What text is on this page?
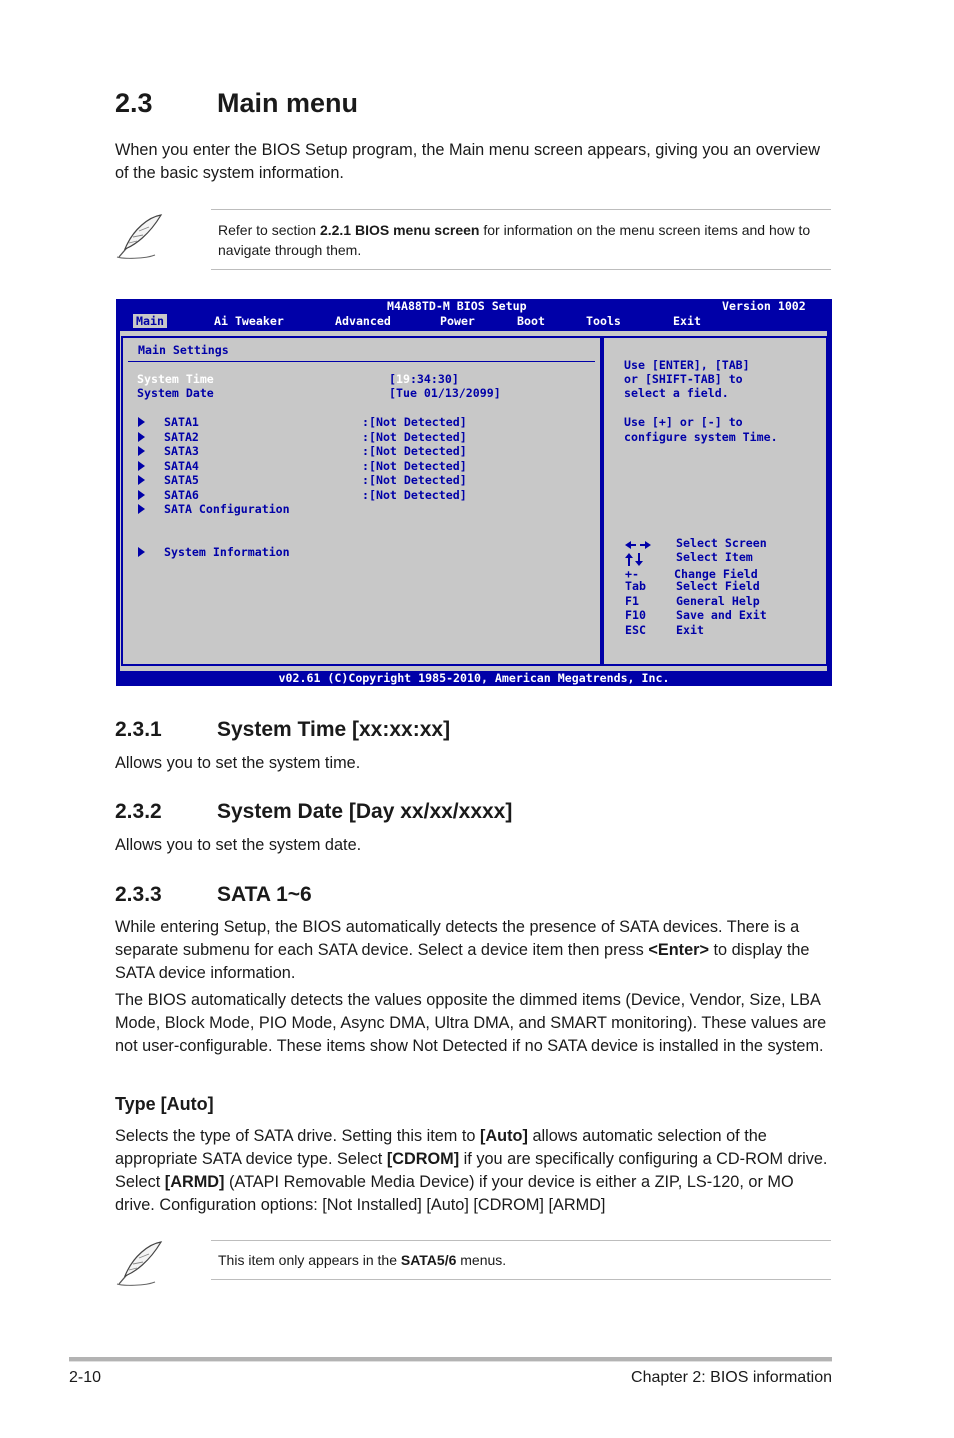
2.3 Main menu

When you enter the BIOS Setup program, the Main menu screen appears, giving you an overview of the basic system information.

Refer to section 2.2.1 BIOS menu screen for information on the menu screen items and how to navigate through them.
M4A88TD-M BIOS Setup	Version 1002
Main Settings
System Time	[19:34:30]
System Date	[Tue 01/13/2099]
SATA1	:[Not Detected]
SATA2	:[Not Detected]
SATA3	:[Not Detected]
SATA4	:[Not Detected]
SATA5	:[Not Detected]
SATA6	:[Not Detected]
SATA Configuration
System Information
Use [ENTER], [TAB]
or [SHIFT-TAB] to
select a field.
Use [+] or [-] to
configure system Time.
Select Screen
Select Item
+-	Change Field
Tab	Select Field
F1	General Help
F10	Save and Exit
ESC	Exit
v02.61 (C)Copyright 1985-2010, American Megatrends, Inc.
Main	Ai Tweaker	Advanced	Power	Boot	Tools	Exit
2.3.1	System Time [xx:xx:xx]

Allows you to set the system time.

2.3.2	System Date [Day xx/xx/xxxx]

Allows you to set the system date.

2.3.3	SATA 1~6

While entering Setup, the BIOS automatically detects the presence of SATA devices. There is a separate submenu for each SATA device. Select a device item then press <Enter> to display the SATA device information.

The BIOS automatically detects the values opposite the dimmed items (Device, Vendor, Size, LBA Mode, Block Mode, PIO Mode, Async DMA, Ultra DMA, and SMART monitoring). These values are not user-configurable. These items show Not Detected if no SATA device is installed in the system.

Type [Auto]

Selects the type of SATA drive. Setting this item to [Auto] allows automatic selection of the appropriate SATA device type. Select [CDROM] if you are specifically configuring a CD-ROM drive. Select [ARMD] (ATAPI Removable Media Device) if your device is either a ZIP, LS-120, or MO drive. Configuration options: [Not Installed] [Auto] [CDROM] [ARMD]

This item only appears in the SATA5/6 menus.
2-10	Chapter 2: BIOS information
